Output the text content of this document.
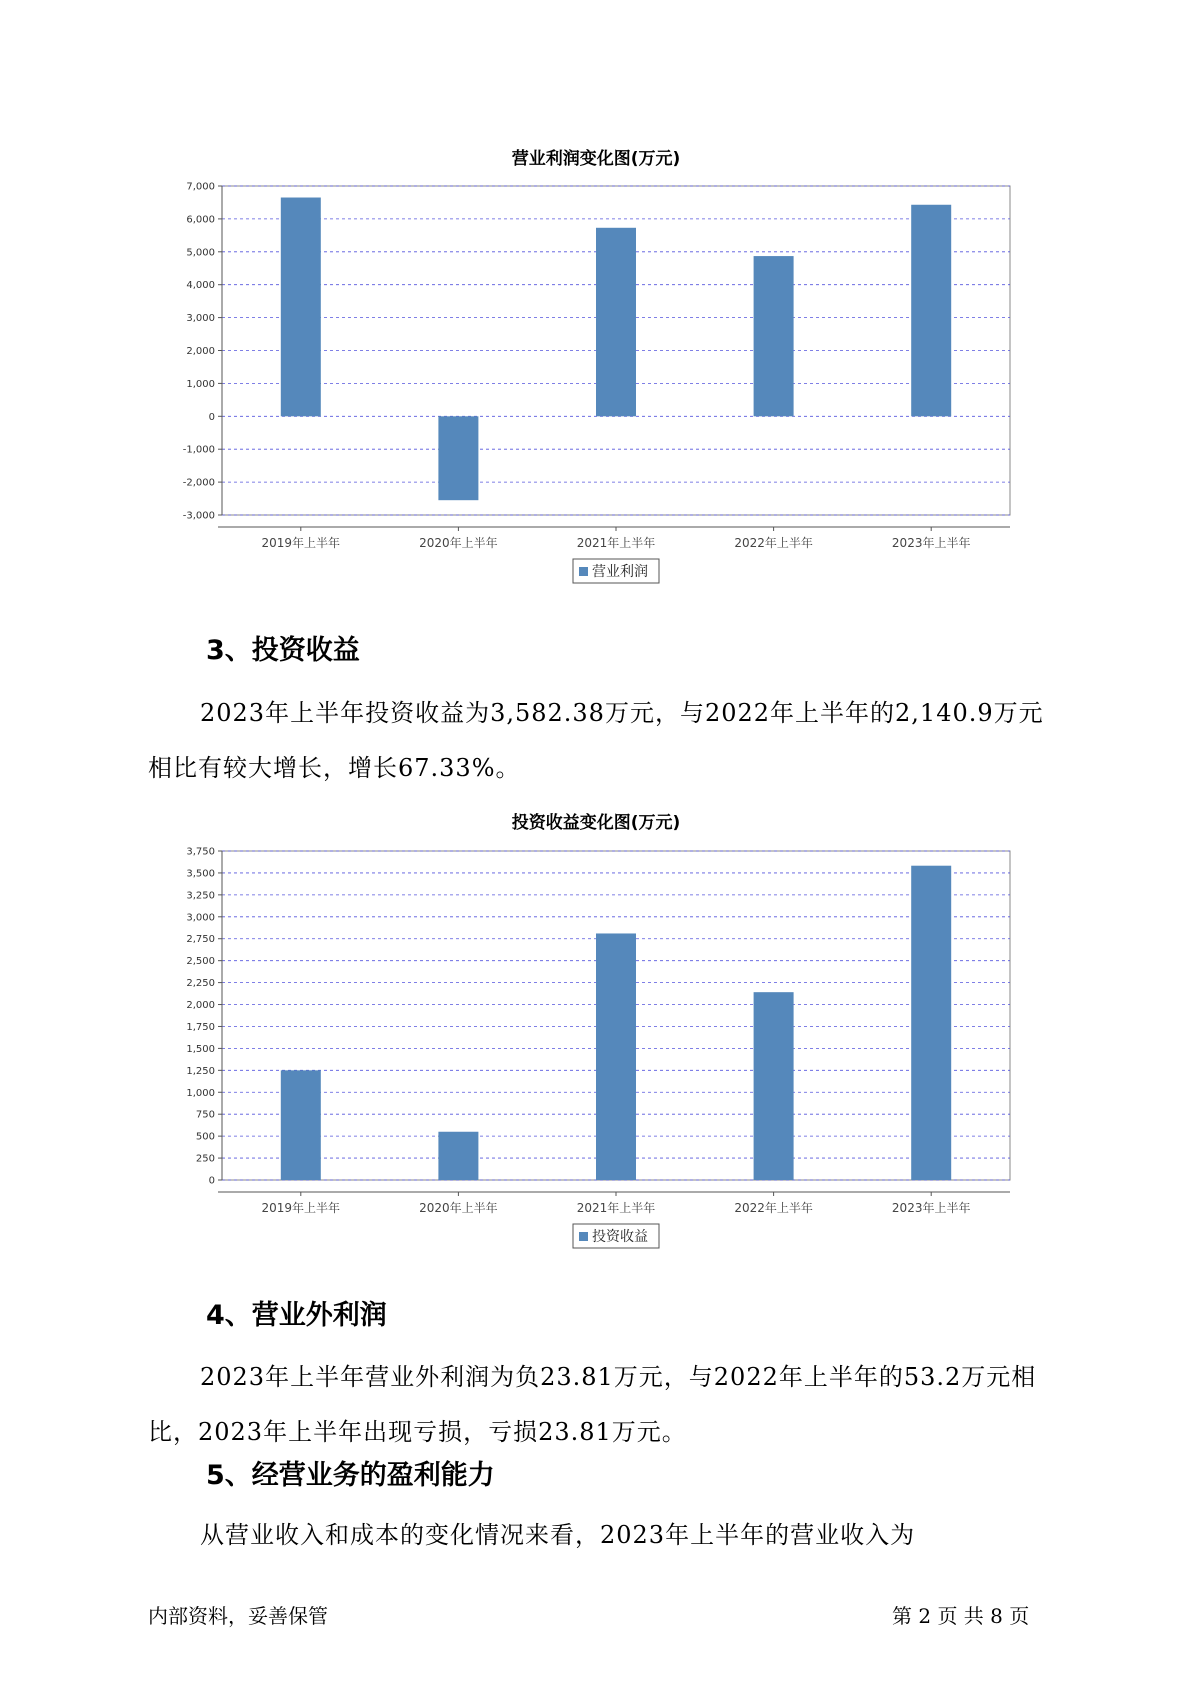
营业利润变化图(万元)
7,000
6,000
5,000
4,000
3,000
2,000
1,000
0
-1,000
-2,000
-3,000
2019年上半年	2020年上半年	2021年上半年	2022年上半年	2023年上半年
营业利润
3、投资收益

2023年上半年投资收益为3,582.38万元，与2022年上半年的2,140.9万元相比有较大增长，增长67.33%。

投资收益变化图(万元)
3,750
3,500
3,250
3,000
2,750
2,500
2,250
2,000
1,750
1,500
1,250
1,000
750
500
250
0
2019年上半年	2020年上半年	2021年上半年	2022年上半年	2023年上半年
投资收益
4、营业外利润

2023年上半年营业外利润为负23.81万元，与2022年上半年的53.2万元相比，2023年上半年出现亏损，亏损23.81万元。

5、经营业务的盈利能力

从营业收入和成本的变化情况来看，2023年上半年的营业收入为

内部资料，妥善保管	第 2 页 共 8 页
